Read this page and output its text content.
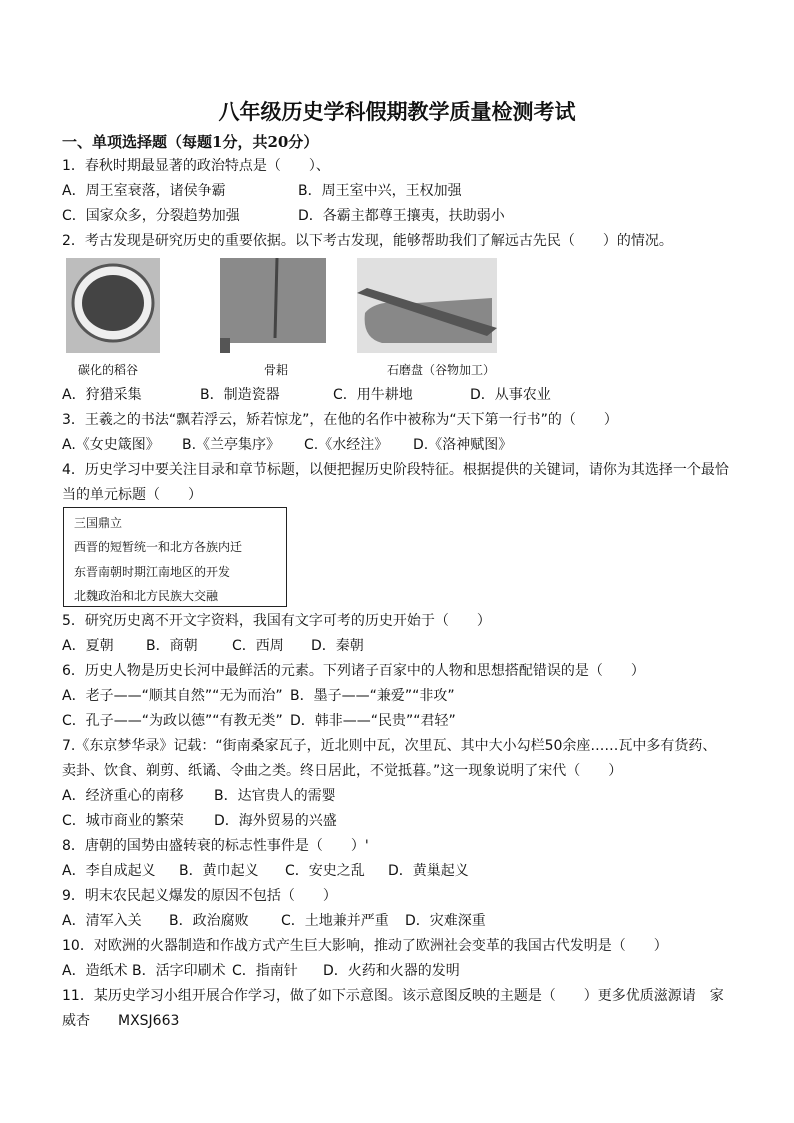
八年级历史学科假期教学质量检测考试
一、单项选择题（每题1分，共20分）
1．春秋时期最显著的政治特点是（　　）、
A．周王室衰落，诸侯争霸	B．周王室中兴，王权加强
C．国家众多，分裂趋势加强	D．各霸主都尊王攘夷，扶助弱小
2．考古发现是研究历史的重要依据。以下考古发现，能够帮助我们了解远古先民（　　）的情况。
碳化的稻谷	骨耜	石磨盘（谷物加工）
A．狩猎采集	B．制造瓷器	C．用牛耕地	D．从事农业
3．王羲之的书法“飘若浮云，矫若惊龙”，在他的名作中被称为“天下第一行书”的（　　）
A.《女史箴图》 B.《兰亭集序》 C.《水经注》 D.《洛神赋图》
4．历史学习中要关注目录和章节标题，以便把握历史阶段特征。根据提供的关键词，请你为其选择一个最恰
当的单元标题（　　）
三国鼎立
西晋的短暂统一和北方各族内迁
东晋南朝时期江南地区的开发
北魏政治和北方民族大交融
5．研究历史离不开文字资料，我国有文字可考的历史开始于（　　）
A．夏朝 B．商朝 C．西周 D．秦朝
6．历史人物是历史长河中最鲜活的元素。下列诸子百家中的人物和思想搭配错误的是（　　）
A．老子——“顺其自然”“无为而治” B．墨子——“兼爱”“非攻”
C．孔子——“为政以德”“有教无类” D．韩非——“民贵”“君轻”
7.《东京梦华录》记载：“街南桑家瓦子，近北则中瓦，次里瓦、其中大小勾栏50余座……瓦中多有货药、
卖卦、饮食、剃剪、纸谲、令曲之类。终日居此，不觉抵暮。”这一现象说明了宋代（　　）
A．经济重心的南移 B．达官贵人的需婴
C．城市商业的繁荣 D．海外贸易的兴盛
8．唐朝的国势由盛转衰的标志性事件是（　　）'
A．李自成起义 B．黄巾起义 C．安史之乱 D．黄巢起义
9．明末农民起义爆发的原因不包括（　　）
A．清军入关 B．政治腐败 C．土地兼并严重 D．灾难深重
10．对欧洲的火器制造和作战方式产生巨大影响，推动了欧洲社会变革的我国古代发明是（　　）
A．造纸术 B．活字印刷术 C．指南针 D．火药和火器的发明
11．某历史学习小组开展合作学习，做了如下示意图。该示意图反映的主题是（　　）更多优质滋源请　家
威杏　　MXSJ663
